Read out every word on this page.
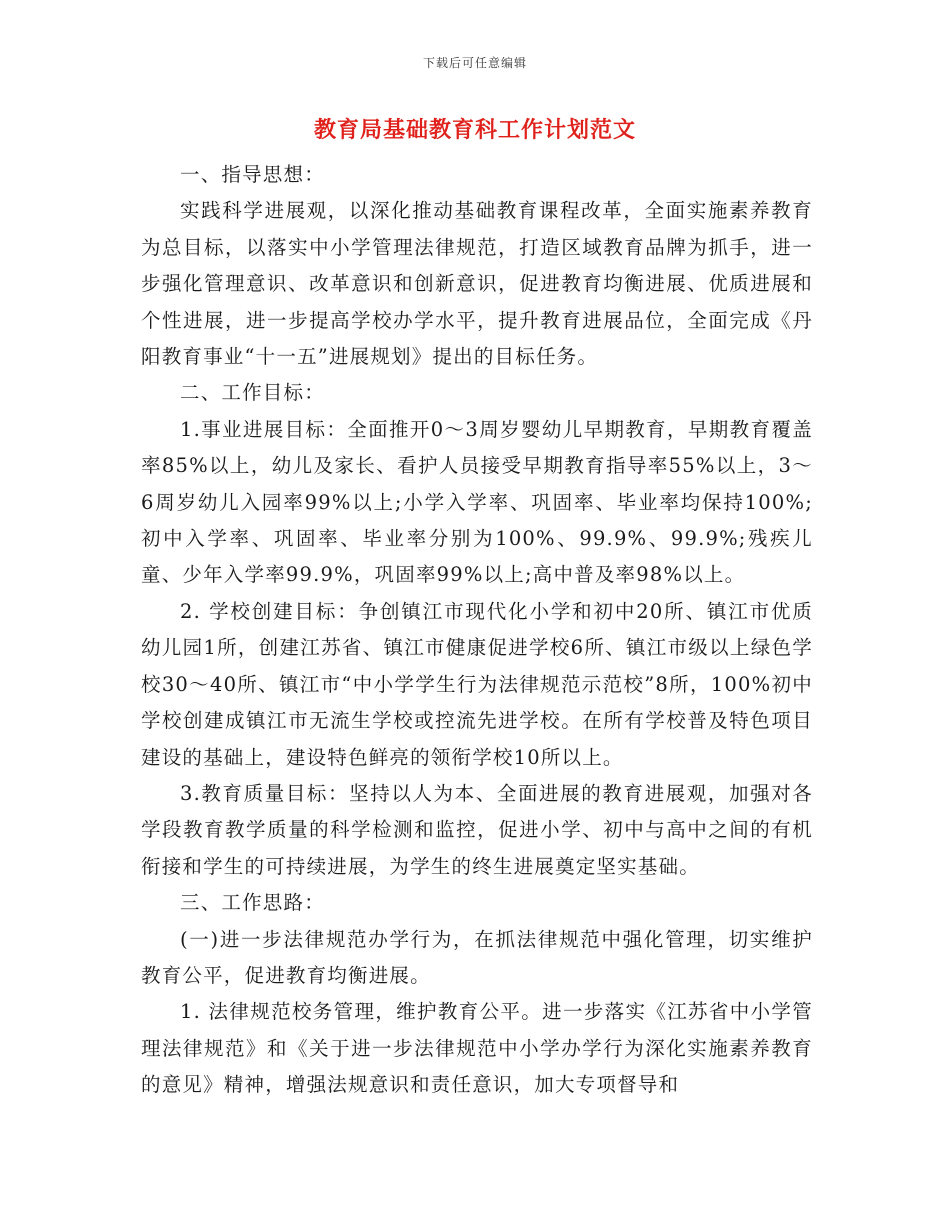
下载后可任意编辑
教育局基础教育科工作计划范文

一、指导思想：

实践科学进展观，以深化推动基础教育课程改革，全面实施素养教育为总目标，以落实中小学管理法律规范，打造区域教育品牌为抓手，进一步强化管理意识、改革意识和创新意识，促进教育均衡进展、优质进展和个性进展，进一步提高学校办学水平，提升教育进展品位，全面完成《丹阳教育事业“十一五”进展规划》提出的目标任务。

二、工作目标：

1.事业进展目标：全面推开0～3周岁婴幼儿早期教育，早期教育覆盖率85%以上，幼儿及家长、看护人员接受早期教育指导率55%以上，3～6周岁幼儿入园率99%以上;小学入学率、巩固率、毕业率均保持100%;初中入学率、巩固率、毕业率分别为100%、99.9%、99.9%;残疾儿童、少年入学率99.9%，巩固率99%以上;高中普及率98%以上。

2. 学校创建目标：争创镇江市现代化小学和初中20所、镇江市优质幼儿园1所，创建江苏省、镇江市健康促进学校6所、镇江市级以上绿色学校30～40所、镇江市“中小学学生行为法律规范示范校”8所，100%初中学校创建成镇江市无流生学校或控流先进学校。在所有学校普及特色项目建设的基础上，建设特色鲜亮的领衔学校10所以上。

3.教育质量目标：坚持以人为本、全面进展的教育进展观，加强对各学段教育教学质量的科学检测和监控，促进小学、初中与高中之间的有机衔接和学生的可持续进展，为学生的终生进展奠定坚实基础。

三、工作思路：

(一)进一步法律规范办学行为，在抓法律规范中强化管理，切实维护教育公平，促进教育均衡进展。

1. 法律规范校务管理，维护教育公平。进一步落实《江苏省中小学管理法律规范》和《关于进一步法律规范中小学办学行为深化实施素养教育的意见》精神，增强法规意识和责任意识，加大专项督导和
